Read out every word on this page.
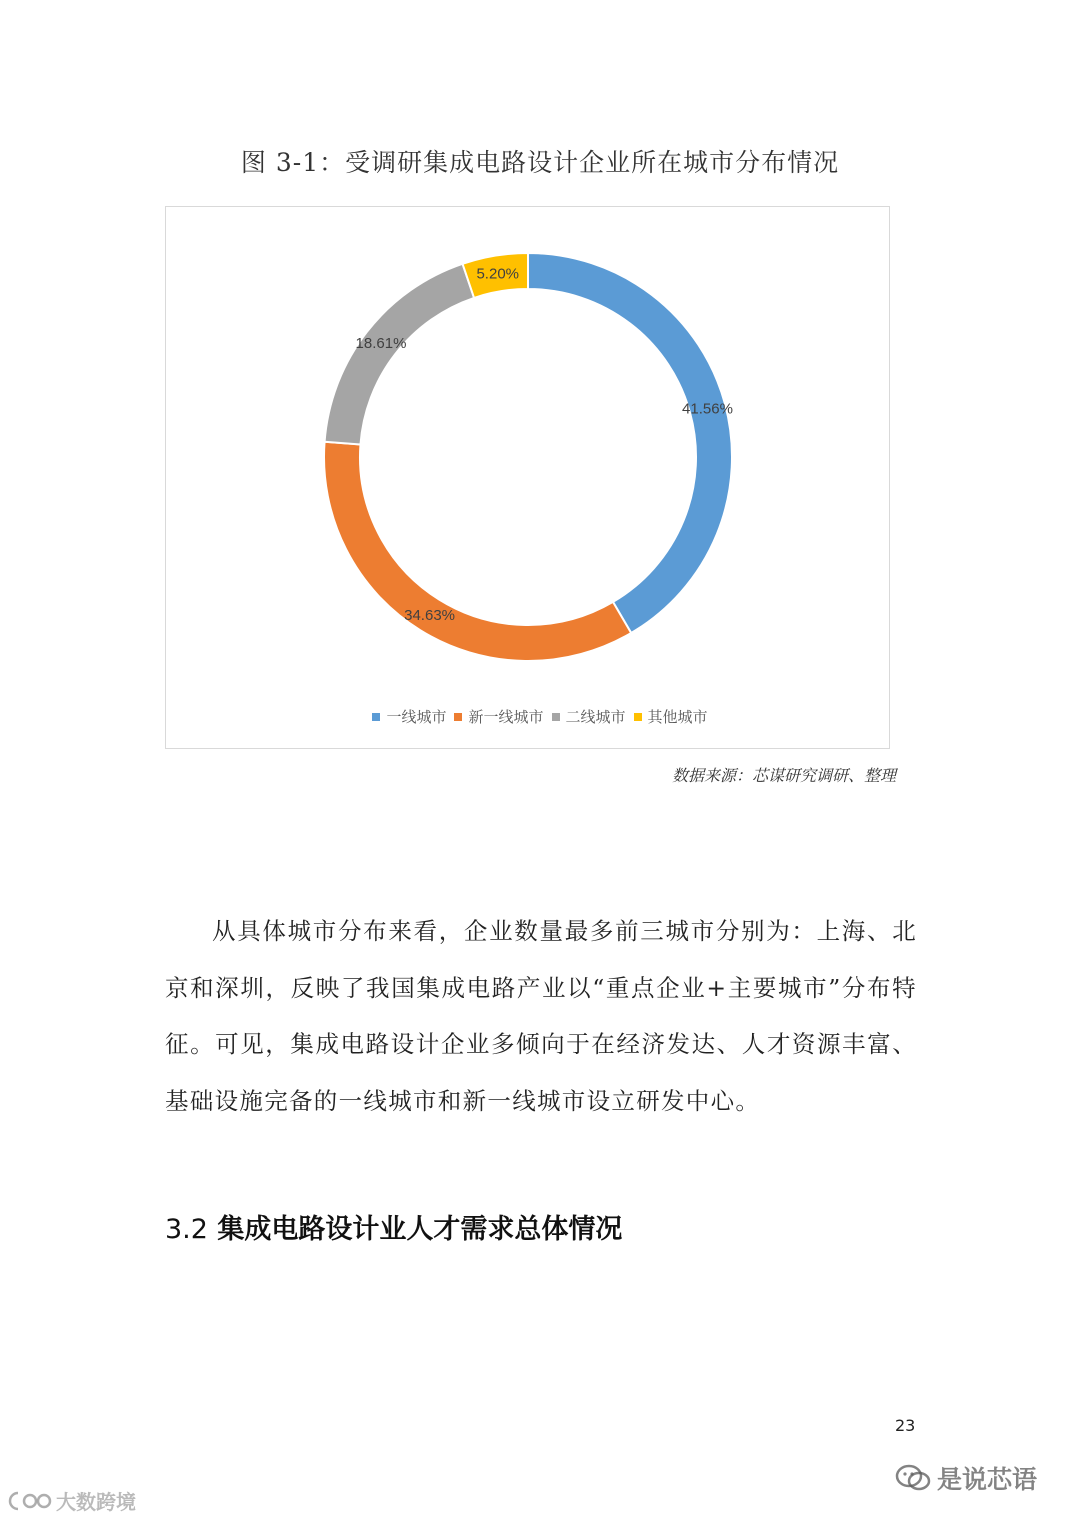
图 3-1：受调研集成电路设计企业所在城市分布情况
41.56%
34.63%
18.61%
5.20%
一线城市 新一线城市 二线城市 其他城市
数据来源：芯谋研究调研、整理

从具体城市分布来看，企业数量最多前三城市分别为：上海、北京和深圳，反映了我国集成电路产业以“重点企业+主要城市”分布特征。可见，集成电路设计企业多倾向于在经济发达、人才资源丰富、基础设施完备的一线城市和新一线城市设立研发中心。

3.2 集成电路设计业人才需求总体情况
23
是说芯语
大数跨境
